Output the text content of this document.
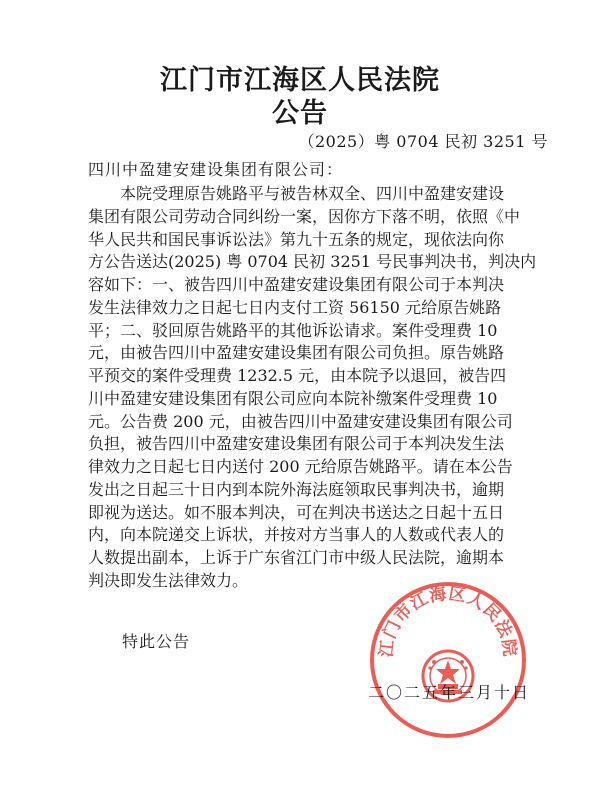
江门市江海区人民法院
公告
（2025）粤 0704 民初 3251 号
四川中盈建安建设集团有限公司：
本院受理原告姚路平与被告林双全、四川中盈建安建设
集团有限公司劳动合同纠纷一案，因你方下落不明，依照《中
华人民共和国民事诉讼法》第九十五条的规定，现依法向你
方公告送达(2025) 粤 0704 民初 3251 号民事判决书，判决内
容如下：一、被告四川中盈建安建设集团有限公司于本判决
发生法律效力之日起七日内支付工资 56150 元给原告姚路
平；二、驳回原告姚路平的其他诉讼请求。案件受理费 10
元，由被告四川中盈建安建设集团有限公司负担。原告姚路
平预交的案件受理费 1232.5 元，由本院予以退回，被告四
川中盈建安建设集团有限公司应向本院补缴案件受理费 10
元。公告费 200 元，由被告四川中盈建安建设集团有限公司
负担，被告四川中盈建安建设集团有限公司于本判决发生法
律效力之日起七日内送付 200 元给原告姚路平。请在本公告
发出之日起三十日内到本院外海法庭领取民事判决书，逾期
即视为送达。如不服本判决，可在判决书送达之日起十五日
内，向本院递交上诉状，并按对方当事人的人数或代表人的
人数提出副本，上诉于广东省江门市中级人民法院，逾期本
判决即发生法律效力。
特此公告	江门市江海区人民法院
二〇二五年三月十日
